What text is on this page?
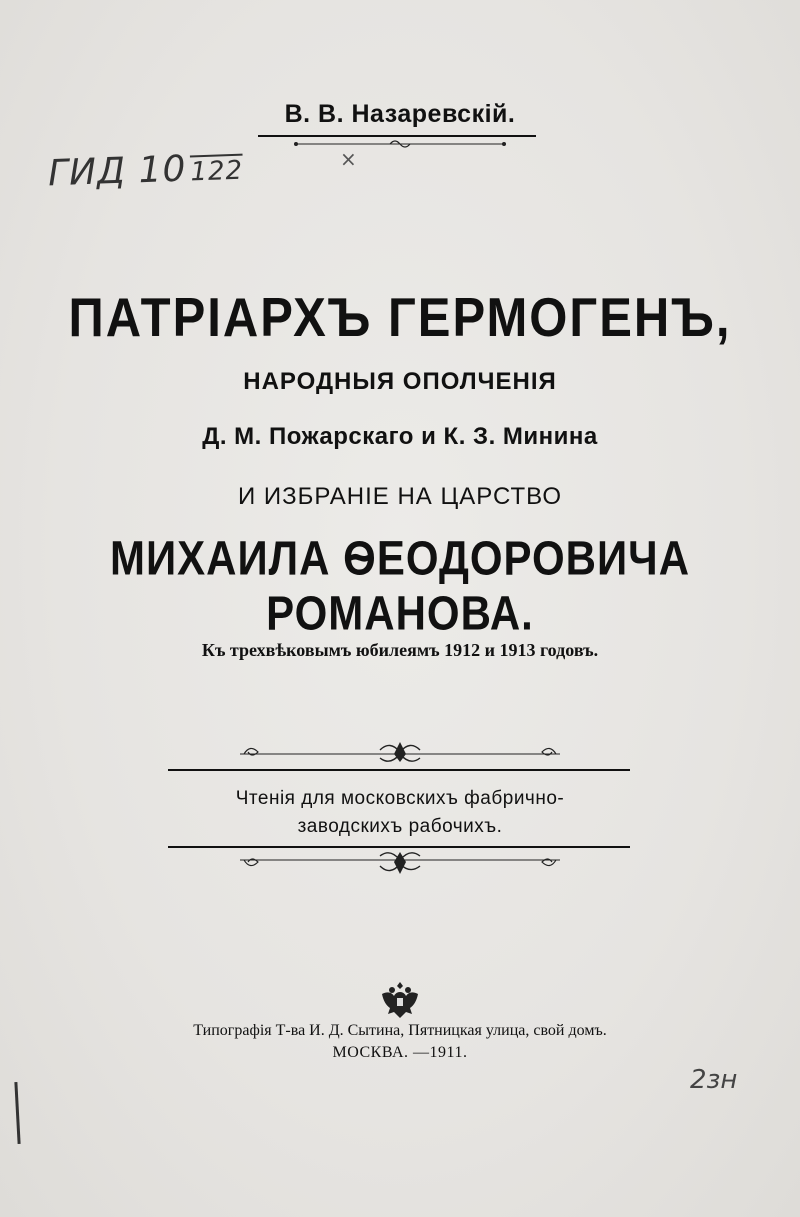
В. В. Назаревскій.
ГИД 10 122	×
ПАТРІАРХЪ ГЕРМОГЕНЪ,
НАРОДНЫЯ ОПОЛЧЕНІЯ
Д. М. Пожарскаго и К. З. Минина
И ИЗБРАНІЕ НА ЦАРСТВО
МИХАИЛА ѲЕОДОРОВИЧА РОМАНОВА.
Къ трехвѣковымъ юбилеямъ 1912 и 1913 годовъ.
Чтенія для московскихъ фабрично-
заводскихъ рабочихъ.
Типографія Т-ва И. Д. Сытина, Пятницкая улица, свой домъ.
МОСКВА. —1911.
2зн
